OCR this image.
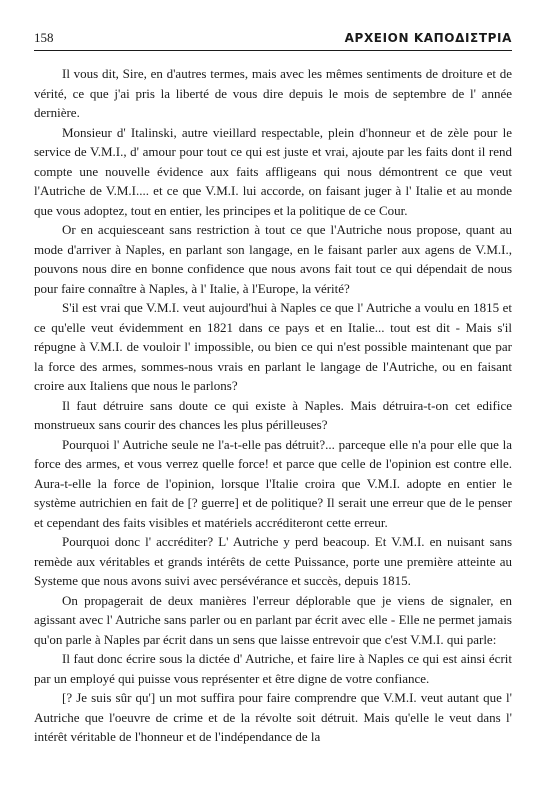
158	ΑΡΧΕΙΟΝ ΚΑΠΟΔΙΣΤΡΙΑ

Il vous dit, Sire, en d'autres termes, mais avec les mêmes sentiments de droiture et de vérité, ce que j'ai pris la liberté de vous dire depuis le mois de septembre de l' année dernière.

Monsieur d' Italinski, autre vieillard respectable, plein d'honneur et de zèle pour le service de V.M.I., d' amour pour tout ce qui est juste et vrai, ajoute par les faits dont il rend compte une nouvelle évidence aux faits affligeans qui nous démontrent ce que veut l'Autriche de V.M.I.... et ce que V.M.I. lui accorde, on faisant juger à l' Italie et au monde que vous adoptez, tout en entier, les principes et la politique de ce Cour.

Or en acquiesceant sans restriction à tout ce que l'Autriche nous propose, quant au mode d'arriver à Naples, en parlant son langage, en le faisant parler aux agens de V.M.I., pouvons nous dire en bonne confidence que nous avons fait tout ce qui dépendait de nous pour faire connaître à Naples, à l' Italie, à l'Europe, la vérité?

S'il est vrai que V.M.I. veut aujourd'hui à Naples ce que l' Autriche a voulu en 1815 et ce qu'elle veut évidemment en 1821 dans ce pays et en Italie... tout est dit - Mais s'il répugne à V.M.I. de vouloir l' impossible, ou bien ce qui n'est possible maintenant que par la force des armes, sommes-nous vrais en parlant le langage de l'Autriche, ou en faisant croire aux Italiens que nous le parlons?

Il faut détruire sans doute ce qui existe à Naples. Mais détruira-t-on cet edifice monstrueux sans courir des chances les plus périlleuses?

Pourquoi l' Autriche seule ne l'a-t-elle pas détruit?... parceque elle n'a pour elle que la force des armes, et vous verrez quelle force! et parce que celle de l'opinion est contre elle. Aura-t-elle la force de l'opinion, lorsque l'Italie croira que V.M.I. adopte en entier le système autrichien en fait de [? guerre] et de politique? Il serait une erreur que de le penser et cependant des faits visibles et matériels accréditeront cette erreur.

Pourquoi donc l' accréditer? L' Autriche y perd beacoup. Et V.M.I. en nuisant sans remède aux véritables et grands intérêts de cette Puissance, porte une première atteinte au Systeme que nous avons suivi avec persévérance et succès, depuis 1815.

On propagerait de deux manières l'erreur déplorable que je viens de signaler, en agissant avec l' Autriche sans parler ou en parlant par écrit avec elle - Elle ne permet jamais qu'on parle à Naples par écrit dans un sens que laisse entrevoir que c'est V.M.I. qui parle:

Il faut donc écrire sous la dictée d' Autriche, et faire lire à Naples ce qui est ainsi écrit par un employé qui puisse vous représenter et être digne de votre confiance.

[? Je suis sûr qu'] un mot suffira pour faire comprendre que V.M.I. veut autant que l' Autriche que l'oeuvre de crime et de la révolte soit détruit. Mais qu'elle le veut dans l' intérêt véritable de l'honneur et de l'indépendance de la
